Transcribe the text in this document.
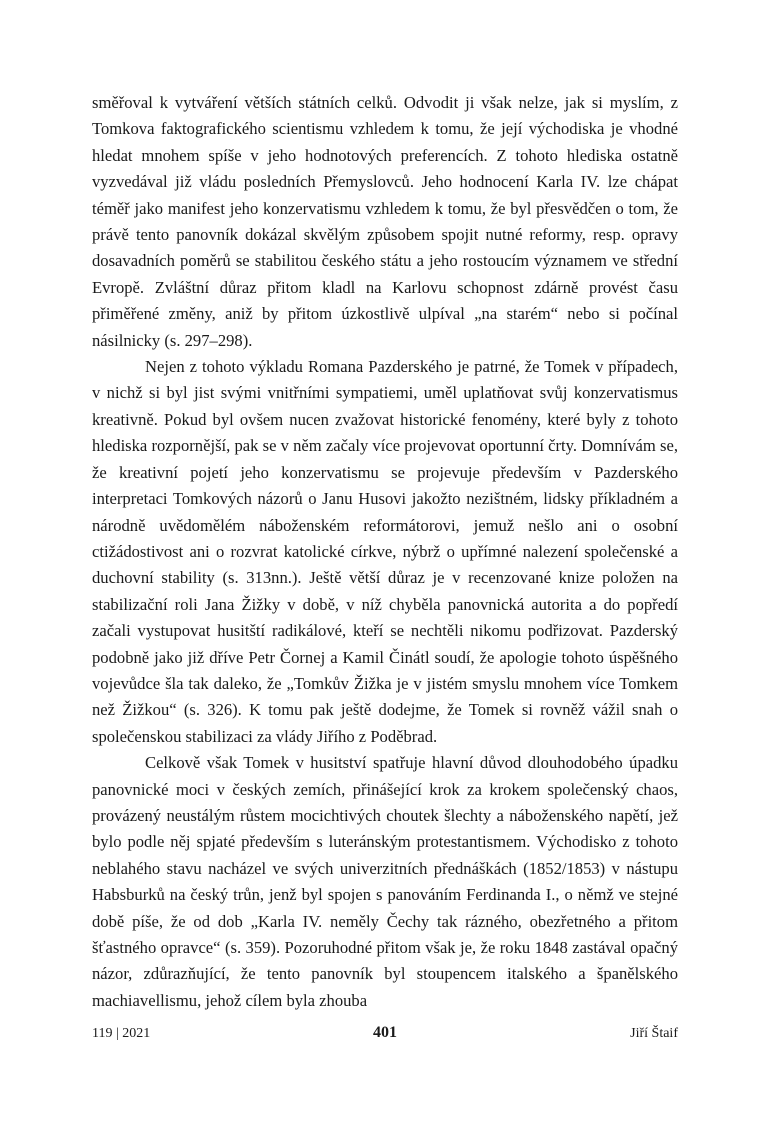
směřoval k vytváření větších státních celků. Odvodit ji však nelze, jak si myslím, z Tomkova faktografického scientismu vzhledem k tomu, že její východiska je vhodné hledat mnohem spíše v jeho hodnotových preferencích. Z tohoto hlediska ostatně vyzvedával již vládu posledních Přemyslovců. Jeho hodnocení Karla IV. lze chápat téměř jako manifest jeho konzervatismu vzhledem k tomu, že byl přesvědčen o tom, že právě tento panovník dokázal skvělým způsobem spojit nutné reformy, resp. opravy dosavadních poměrů se stabilitou českého státu a jeho rostoucím významem ve střední Evropě. Zvláštní důraz přitom kladl na Karlovu schopnost zdárně provést času přiměřené změny, aniž by přitom úzkostlivě ulpíval „na starém“ nebo si počínal násilnicky (s. 297–298).

Nejen z tohoto výkladu Romana Pazderského je patrné, že Tomek v případech, v nichž si byl jist svými vnitřními sympatiemi, uměl uplatňovat svůj konzervatismus kreativně. Pokud byl ovšem nucen zvažovat historické fenomény, které byly z tohoto hlediska rozpornější, pak se v něm začaly více projevovat oportunní črty. Domnívám se, že kreativní pojetí jeho konzervatismu se projevuje především v Pazderského interpretaci Tomkových názorů o Janu Husovi jakožto nezištném, lidsky příkladném a národně uvědomělém náboženském reformátorovi, jemuž nešlo ani o osobní ctižádostivost ani o rozvrat katolické církve, nýbrž o upřímné nalezení společenské a duchovní stability (s. 313nn.). Ještě větší důraz je v recenzované knize položen na stabilizační roli Jana Žižky v době, v níž chyběla panovnická autorita a do popředí začali vystupovat husitští radikálové, kteří se nechtěli nikomu podřizovat. Pazderský podobně jako již dříve Petr Čornej a Kamil Činátl soudí, že apologie tohoto úspěšného vojevůdce šla tak daleko, že „Tomkův Žižka je v jistém smyslu mnohem více Tomkem než Žižkou“ (s. 326). K tomu pak ještě dodejme, že Tomek si rovněž vážil snah o společenskou stabilizaci za vlády Jiřího z Poděbrad.

Celkově však Tomek v husitství spatřuje hlavní důvod dlouhodobého úpadku panovnické moci v českých zemích, přinášející krok za krokem společenský chaos, provázený neustálým růstem mocichtivých choutek šlechty a náboženského napětí, jež bylo podle něj spjaté především s luteránským protestantismem. Východisko z tohoto neblahého stavu nacházel ve svých univerzitních přednáškách (1852/1853) v nástupu Habsburků na český trůn, jenž byl spojen s panováním Ferdinanda I., o němž ve stejné době píše, že od dob „Karla IV. neměly Čechy tak rázného, obezřetného a přitom šťastného opravce“ (s. 359). Pozoruhodné přitom však je, že roku 1848 zastával opačný názor, zdůrazňující, že tento panovník byl stoupencem italského a španělského machiavellismu, jehož cílem byla zhouba

119 | 2021	401	Jiří Štaif
